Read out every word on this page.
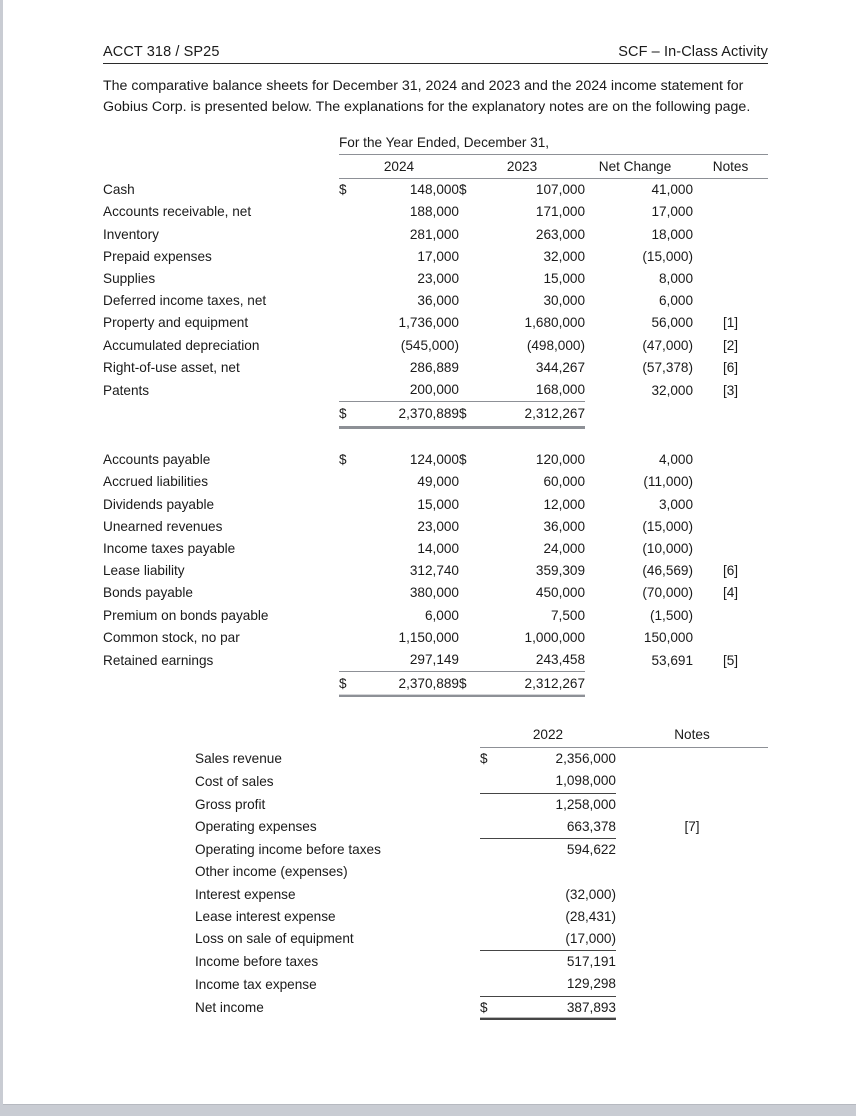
ACCT 318 / SP25	SCF – In-Class Activity

The comparative balance sheets for December 31, 2024 and 2023 and the 2024 income statement for Gobius Corp. is presented below. The explanations for the explanatory notes are on the following page.

	For the Year Ended, December 31,					
	2024		2023		Net Change	Notes
Cash	$	148,000	$	107,000	41,000	
Accounts receivable, net		188,000		171,000	17,000	
Inventory		281,000		263,000	18,000	
Prepaid expenses		17,000		32,000	(15,000)	
Supplies		23,000		15,000	8,000	
Deferred income taxes, net		36,000		30,000	6,000	
Property and equipment		1,736,000		1,680,000	56,000	[1]
Accumulated depreciation		(545,000)		(498,000)	(47,000)	[2]
Right-of-use asset, net		286,889		344,267	(57,378)	[6]
Patents		200,000		168,000	32,000	[3]
	$	2,370,889	$	2,312,267		

Accounts payable	$	124,000	$	120,000	4,000	
Accrued liabilities		49,000		60,000	(11,000)	
Dividends payable		15,000		12,000	3,000	
Unearned revenues		23,000		36,000	(15,000)	
Income taxes payable		14,000		24,000	(10,000)	
Lease liability		312,740		359,309	(46,569)	[6]
Bonds payable		380,000		450,000	(70,000)	[4]
Premium on bonds payable		6,000		7,500	(1,500)	
Common stock, no par		1,150,000		1,000,000	150,000	
Retained earnings		297,149		243,458	53,691	[5]
	$	2,370,889	$	2,312,267		
	2022		Notes
Sales revenue	$	2,356,000	
Cost of sales		1,098,000	
Gross profit		1,258,000	
Operating expenses		663,378	[7]
Operating income before taxes		594,622	
Other income (expenses)			
Interest expense		(32,000)	
Lease interest expense		(28,431)	
Loss on sale of equipment		(17,000)	
Income before taxes		517,191	
Income tax expense		129,298	
Net income	$	387,893	
